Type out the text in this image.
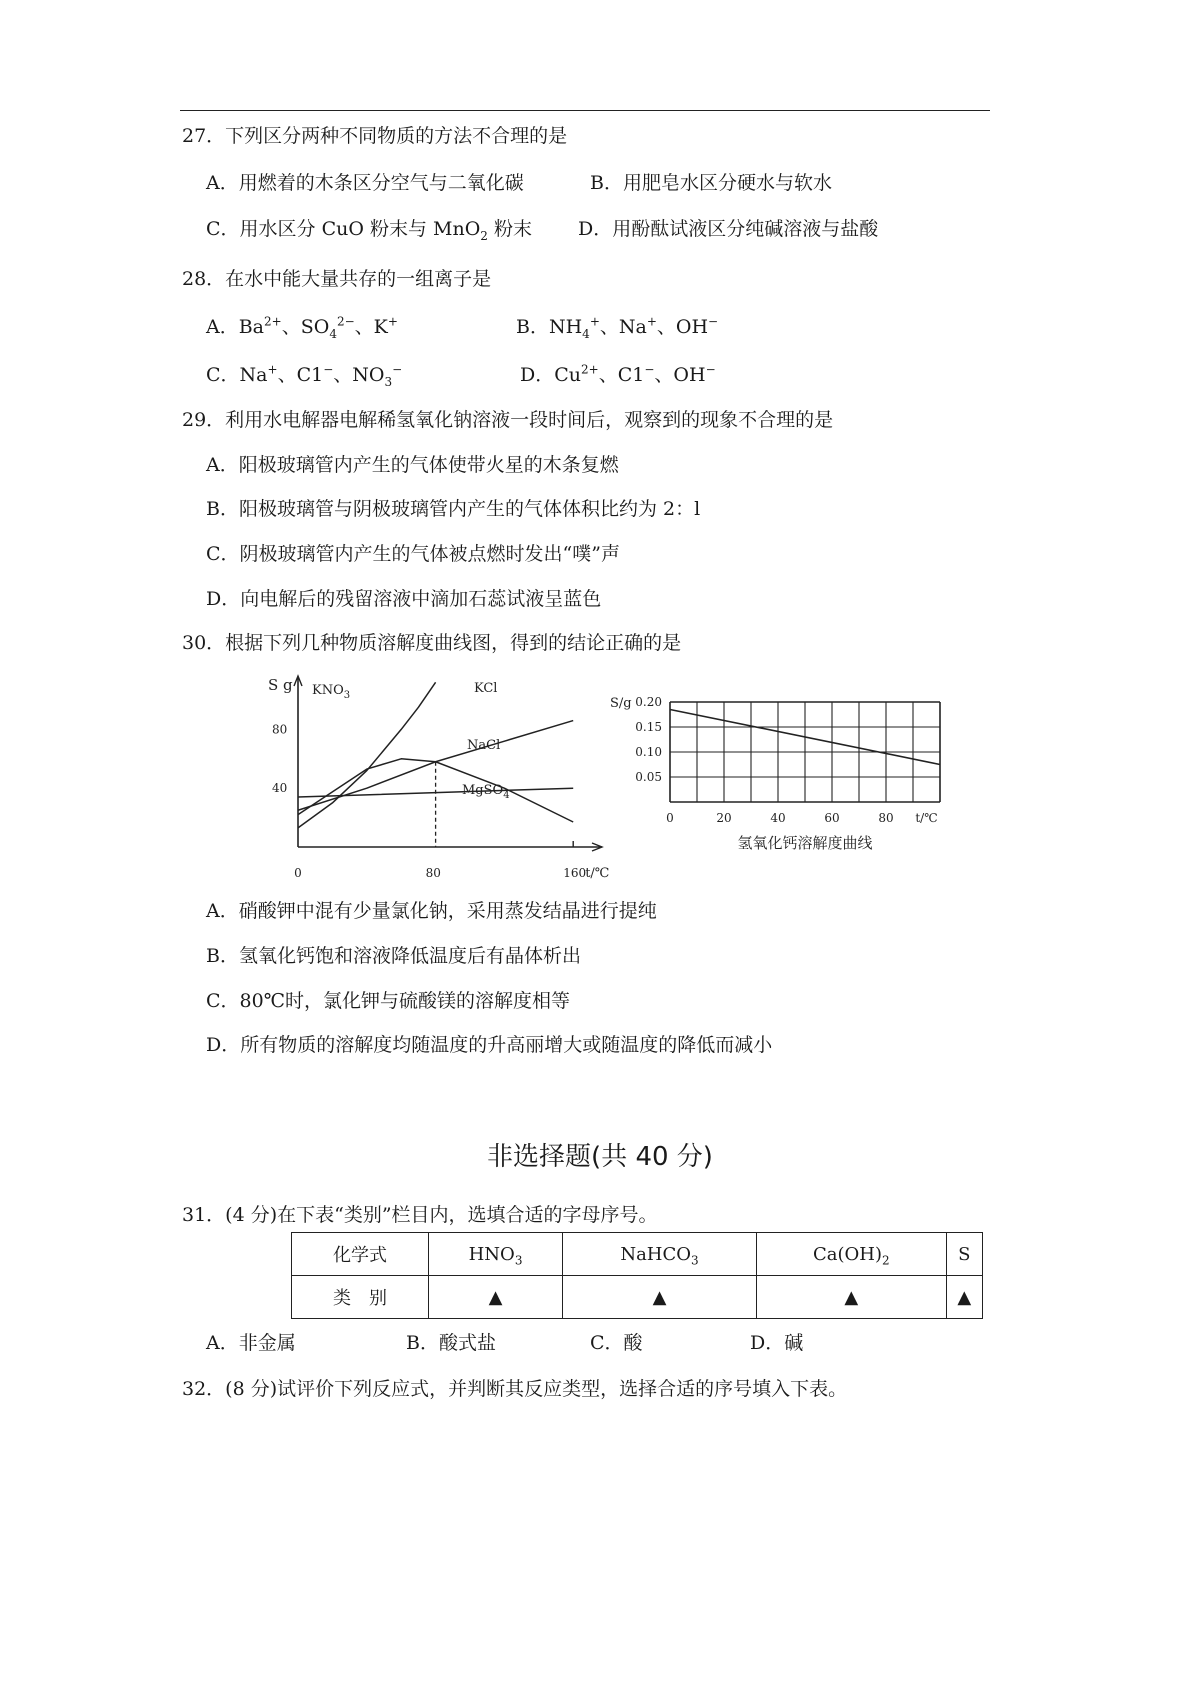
27．下列区分两种不同物质的方法不合理的是
A．用燃着的木条区分空气与二氧化碳	B．用肥皂水区分硬水与软水
C．用水区分 CuO 粉末与 MnO$_2$ 粉末 D．用酚酞试液区分纯碱溶液与盐酸
28．在水中能大量共存的一组离子是
A．$Ba^{2+}$、$SO_4^{2-}$、K+	B．$NH_4^+$、Na+、OH−
C．Na+、C1−、$NO_3^-$	D．$Cu^{2+}$、C1−、OH−
29．利用水电解器电解稀氢氧化钠溶液一段时间后，观察到的现象不合理的是
A．阳极玻璃管内产生的气体使带火星的木条复燃
B．阳极玻璃管与阴极玻璃管内产生的气体体积比约为 2：l
C．阴极玻璃管内产生的气体被点燃时发出“噗”声
D．向电解后的残留溶液中滴加石蕊试液呈蓝色
30．根据下列几种物质溶解度曲线图，得到的结论正确的是
80
40
0	80	160
S g
t/℃
$KNO_3$	KCl
NaCl
MgSO$_4$
0.20
0.15
0.10
0.05
0	20	40	60	80
S/g
t/℃
氢氧化钙溶解度曲线
A．硝酸钾中混有少量氯化钠，采用蒸发结晶进行提纯
B．氢氧化钙饱和溶液降低温度后有晶体析出
C．80℃时，氯化钾与硫酸镁的溶解度相等
D．所有物质的溶解度均随温度的升高丽增大或随温度的降低而减小
非选择题(共 40 分)
31．(4 分)在下表“类别”栏目内，选填合适的字母序号。
化学式	$HNO_3$	NaHCO$_3$	$Ca(OH)_2$	S
类　别	▲	▲	▲	▲
A．非金属	B．酸式盐	C．酸	D．碱
32．(8 分)试评价下列反应式，并判断其反应类型，选择合适的序号填入下表。
